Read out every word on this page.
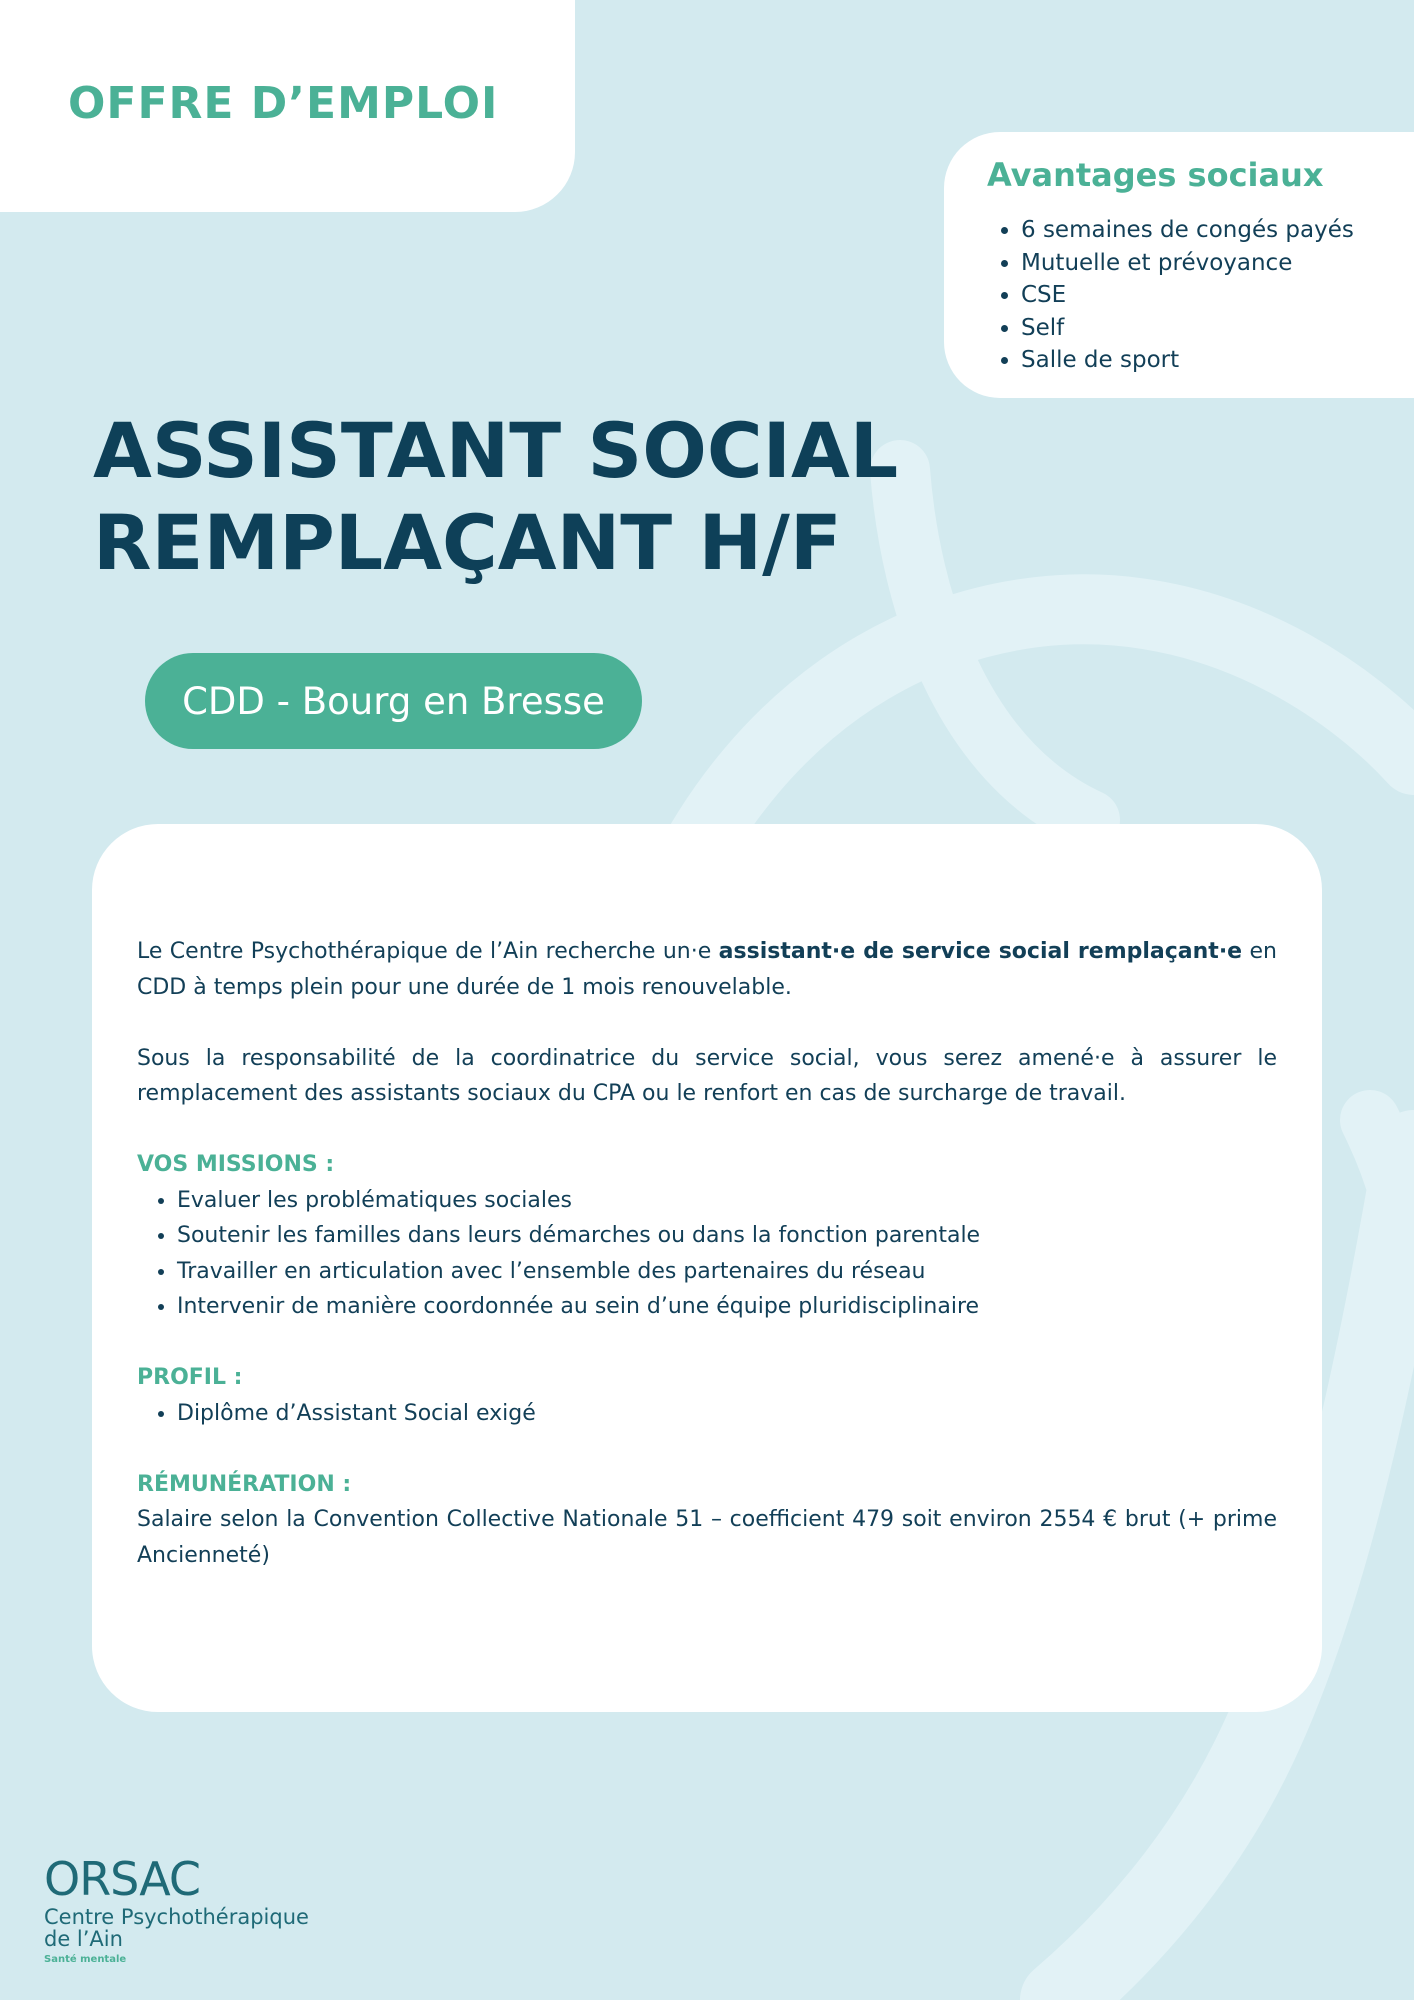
OFFRE D’EMPLOI
Avantages sociaux
• 6 semaines de congés payés
• Mutuelle et prévoyance
• CSE
• Self
• Salle de sport
ASSISTANT SOCIAL
REMPLAÇANT H/F
CDD - Bourg en Bresse

Le Centre Psychothérapique de l’Ain recherche un·e assistant·e de service social remplaçant·e en CDD à temps plein pour une durée de 1 mois renouvelable.

Sous la responsabilité de la coordinatrice du service social, vous serez amené·e à assurer le remplacement des assistants sociaux du CPA ou le renfort en cas de surcharge de travail.

VOS MISSIONS :

• Evaluer les problématiques sociales
• Soutenir les familles dans leurs démarches ou dans la fonction parentale
• Travailler en articulation avec l’ensemble des partenaires du réseau
• Intervenir de manière coordonnée au sein d’une équipe pluridisciplinaire

PROFIL :

• Diplôme d’Assistant Social exigé

RÉMUNÉRATION :

Salaire selon la Convention Collective Nationale 51 – coefficient 479 soit environ 2554 € brut (+ prime Ancienneté)

ORSAC
Centre Psychothérapique
de l’Ain
Santé mentale
